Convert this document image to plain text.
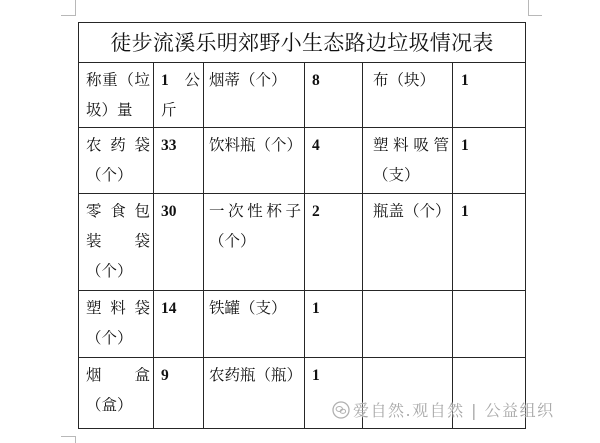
徒步流溪乐明郊野小生态路边垃圾情况表					

称重（垃
圾）量	1 公
斤	烟蒂（个）	8	布（块）	1

农药袋
（个）	33	饮料瓶（个）	4	塑料吸管
（支）	1

零食包
装袋
（个）	30	一次性杯子
（个）	2	瓶盖（个）	1

塑料袋
（个）	14	铁罐（支）	1		

烟盒
（盒）	9	农药瓶（瓶）	1		

爱自然.观自然 | 公益组织
